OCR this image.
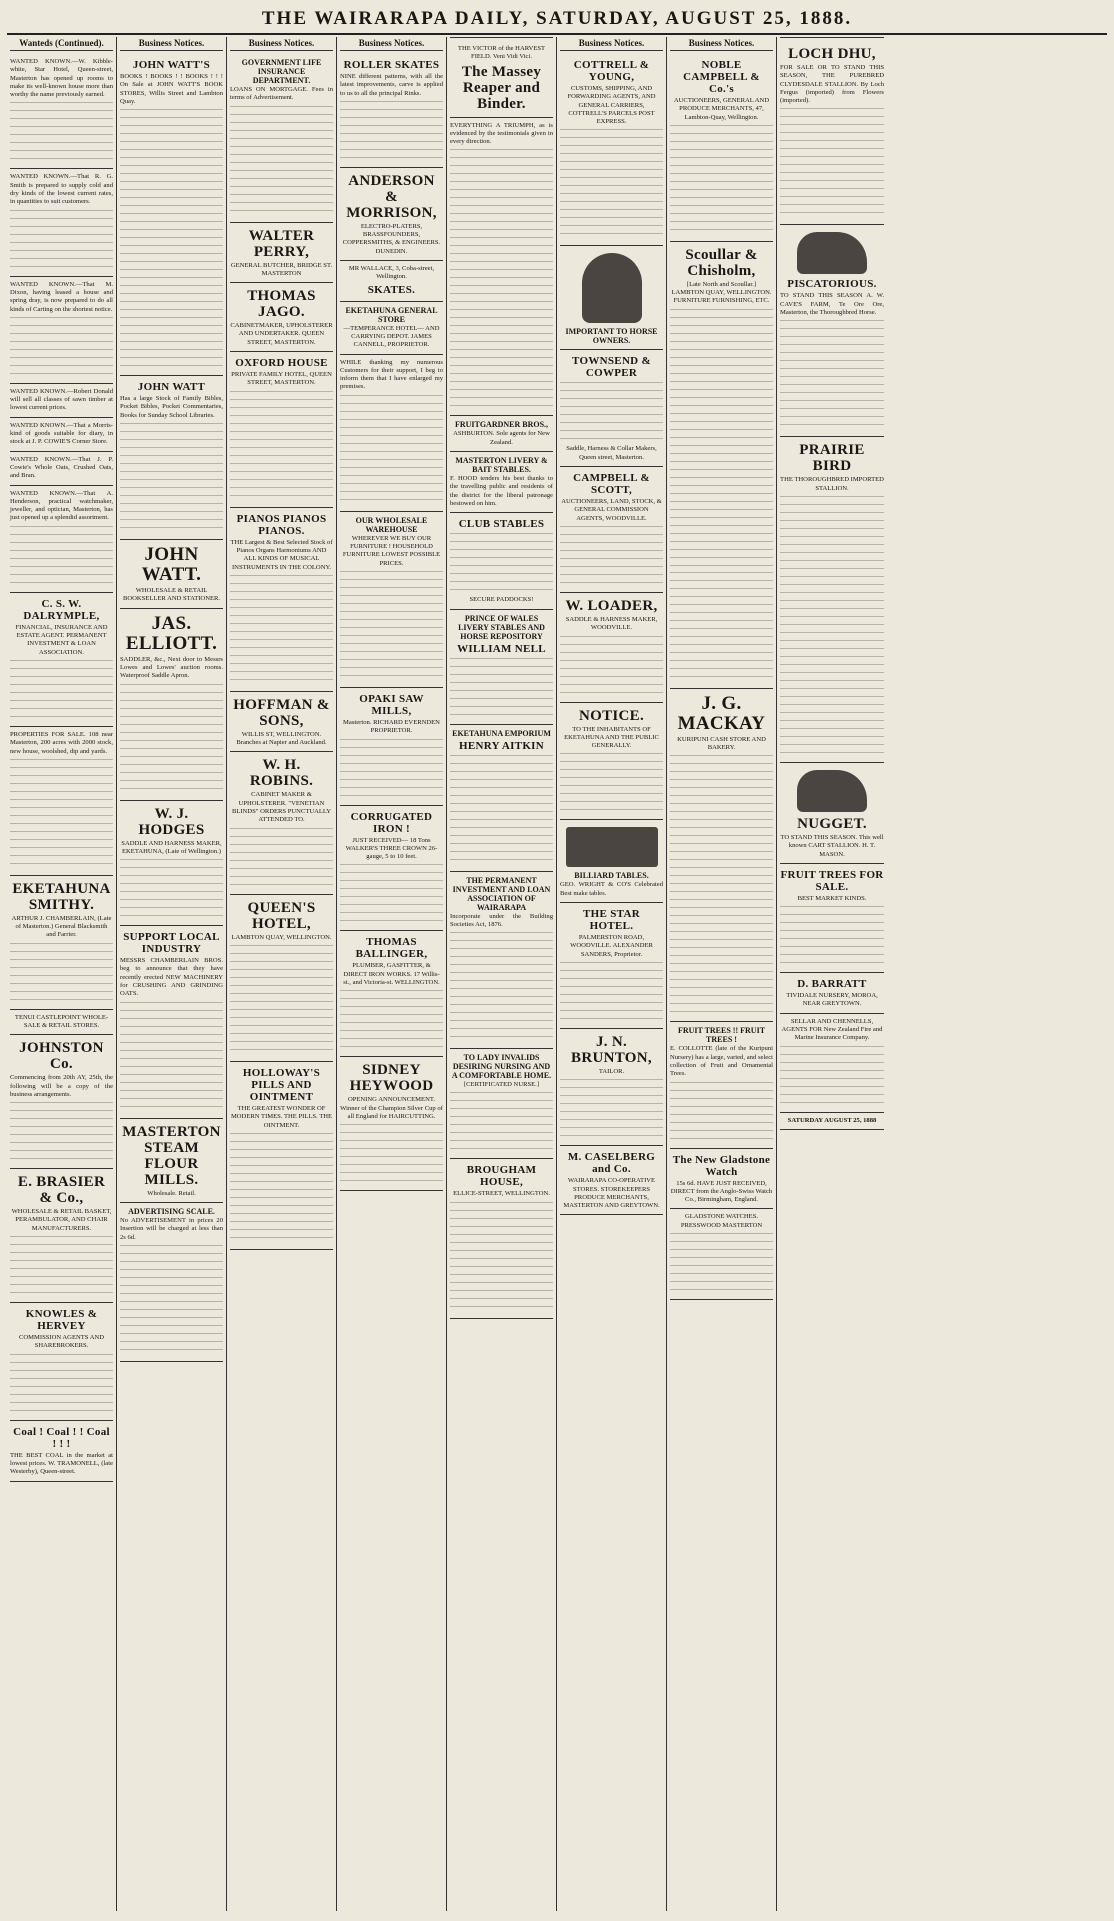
THE WAIRARAPA DAILY, SATURDAY, AUGUST 25, 1888.
Wanteds (Continued).

WANTED KNOWN.—W. Kibble-white, Star Hotel, Queen-street, Masterton has opened up rooms to make its well-known house more than worthy the name previously earned.

WANTED KNOWN.—That R. G. Smith is prepared to supply cold and dry kinds of the lowest current rates, in quantities to suit customers.

WANTED KNOWN.—That M. Dixon, having leased a house and spring dray, is now prepared to do all kinds of Carting on the shortest notice.

WANTED KNOWN.—Robert Donald will sell all classes of sawn timber at lowest current prices.

WANTED KNOWN.—That a Morris-kind of goods suitable for diary, in stock at J. P. COWIE'S Corner Store.

WANTED KNOWN.—That J. P. Cowie's Whole Oats, Crushed Oats, and Bran.

WANTED KNOWN.—That A. Henderson, practical watchmaker, jeweller, and optician, Masterton, has just opened up a splendid assortment.

C. S. W. DALRYMPLE,

FINANCIAL, INSURANCE AND ESTATE AGENT. PERMANENT INVESTMENT & LOAN ASSOCIATION.

PROPERTIES FOR SALE. 108 near Masterton, 200 acres with 2000 stock, new house, woolshed, dip and yards.

EKETAHUNA SMITHY.

ARTHUR J. CHAMBERLAIN, (Late of Masterton.) General Blacksmith and Farrier.

TENUI CASTLEPOINT WHOLE-SALE & RETAIL STORES.

JOHNSTON Co.

Commencing from 20th AY, 25th, the following will be a copy of the business arrangements.

E. BRASIER & Co.,

WHOLESALE & RETAIL BASKET, PERAMBULATOR, AND CHAIR MANUFACTURERS.

KNOWLES & HERVEY

COMMISSION AGENTS AND SHAREBROKERS.

Coal ! Coal ! ! Coal ! ! !

THE BEST COAL in the market at lowest prices. W. TRAMONELL, (late Westerby), Queen-street.

Business Notices.
JOHN WATT'S

BOOKS ! BOOKS ! ! BOOKS ! ! ! On Sale at JOHN WATT'S BOOK STORES, Willis Street and Lambton Quay.

JOHN WATT

Has a large Stock of Family Bibles, Pocket Bibles, Pocket Commentaries, Books for Sunday School Libraries.

JOHN WATT.

WHOLESALE & RETAIL BOOKSELLER AND STATIONER.

JAS. ELLIOTT.

SADDLER, &c., Next door to Messrs Lowes and Lowes' auction rooms. Waterproof Saddle Apron.

W. J. HODGES

SADDLE AND HARNESS MAKER, EKETAHUNA, (Late of Wellington.)

SUPPORT LOCAL INDUSTRY

MESSRS CHAMBERLAIN BROS. beg to announce that they have recently erected NEW MACHINERY for CRUSHING AND GRINDING OATS.

MASTERTON STEAM FLOUR MILLS.

Wholesale. Retail.

ADVERTISING SCALE.

No ADVERTISEMENT in prices 20 Insertion will be charged at less than 2s 6d.

Business Notices.
GOVERNMENT LIFE INSURANCE DEPARTMENT.

LOANS ON MORTGAGE. Fees in terms of Advertisement.

WALTER PERRY,

GENERAL BUTCHER, BRIDGE ST. MASTERTON

THOMAS JAGO.

CABINETMAKER, UPHOLSTERER AND UNDERTAKER. QUEEN STREET, MASTERTON.

OXFORD HOUSE

PRIVATE FAMILY HOTEL, QUEEN STREET, MASTERTON.

PIANOS PIANOS PIANOS.

THE Largest & Best Selected Stock of Pianos Organs Harmoniums AND ALL KINDS OF MUSICAL INSTRUMENTS IN THE COLONY.

HOFFMAN & SONS,

WILLIS ST, WELLINGTON. Branches at Napier and Auckland.

W. H. ROBINS.

CABINET MAKER & UPHOLSTERER. "VENETIAN BLINDS" ORDERS PUNCTUALLY ATTENDED TO.

QUEEN'S HOTEL,

LAMBTON QUAY, WELLINGTON.

HOLLOWAY'S PILLS AND OINTMENT

THE GREATEST WONDER OF MODERN TIMES. THE PILLS. THE OINTMENT.

Business Notices.
ROLLER SKATES

NINE different patterns, with all the latest improvements, carve is applied to us to all the principal Rinks.

ANDERSON & MORRISON,

ELECTRO-PLATERS, BRASSFOUNDERS, COPPERSMITHS, & ENGINEERS. DUNEDIN.

MR WALLACE, 3, Coba-street, Wellington.

SKATES.
EKETAHUNA GENERAL STORE

—TEMPERANCE HOTEL— AND CARRYING DEPOT. JAMES CANNELL, PROPRIETOR.

WHILE thanking my numerous Customers for their support, I beg to inform them that I have enlarged my premises.

OUR WHOLESALE WAREHOUSE

WHEREVER WE BUY OUR FURNITURE ! HOUSEHOLD FURNITURE LOWEST POSSIBLE PRICES.

OPAKI SAW MILLS,

Masterton. RICHARD EVERNDEN PROPRIETOR.

CORRUGATED IRON !

JUST RECEIVED— 18 Tons WALKER'S THREE CROWN 26-gauge, 5 to 10 feet.

THOMAS BALLINGER,

PLUMBER, GASFITTER, & DIRECT IRON WORKS. 17 Willis-st., and Victoria-st. WELLINGTON.

SIDNEY HEYWOOD

OPENING ANNOUNCEMENT. Winner of the Champion Silver Cup of all England for HAIRCUTTING.

THE VICTOR of the HARVEST FIELD. Veni Vidi Vici.

The Massey Reaper and Binder.

EVERYTHING A TRIUMPH, as is evidenced by the testimonials given in every direction.

FRUITGARDNER BROS.,

ASHBURTON. Sole agents for New Zealand.

MASTERTON LIVERY & BAIT STABLES.

F. HOOD tenders his best thanks to the travelling public and residents of the district for the liberal patronage bestowed on him.

CLUB STABLES

SECURE PADDOCKS!

PRINCE OF WALES LIVERY STABLES AND HORSE REPOSITORY
WILLIAM NELL
EKETAHUNA EMPORIUM
HENRY AITKIN
THE PERMANENT INVESTMENT AND LOAN ASSOCIATION OF WAIRARAPA

Incorporate under the Building Societies Act, 1876.

TO LADY INVALIDS DESIRING NURSING AND A COMFORTABLE HOME.

[CERTIFICATED NURSE.]

BROUGHAM HOUSE,

ELLICE-STREET, WELLINGTON.

Business Notices.
COTTRELL & YOUNG,

CUSTOMS, SHIPPING, AND FORWARDING AGENTS, AND GENERAL CARRIERS, COTTRELL'S PARCELS POST EXPRESS.

IMPORTANT TO HORSE OWNERS.
TOWNSEND & COWPER

Saddle, Harness & Collar Makers, Queen street, Masterton.

CAMPBELL & SCOTT,

AUCTIONEERS, LAND, STOCK, & GENERAL COMMISSION AGENTS, WOODVILLE.

W. LOADER,

SADDLE & HARNESS MAKER, WOODVILLE.

NOTICE.

TO THE INHABITANTS OF EKETAHUNA AND THE PUBLIC GENERALLY.

BILLIARD TABLES.

GEO. WRIGHT & CO'S Celebrated Best make tables.

THE STAR HOTEL.

PALMERSTON ROAD, WOODVILLE. ALEXANDER SANDERS, Proprietor.

J. N. BRUNTON,

TAILOR.

M. CASELBERG and Co.

WAIRARAPA CO-OPERATIVE STORES. STOREKEEPERS PRODUCE MERCHANTS, MASTERTON AND GREYTOWN.

Business Notices.
NOBLE CAMPBELL & Co.'s

AUCTIONEERS, GENERAL AND PRODUCE MERCHANTS, 47, Lambton-Quay, Wellington.

Scoullar & Chisholm,

[Late North and Scoullar.] LAMBTON QUAY, WELLINGTON. FURNITURE FURNISHING, ETC.

J. G. MACKAY

KURIPUNI CASH STORE AND BAKERY.

FRUIT TREES !! FRUIT TREES !

E. COLLOTTE (late of the Kuripuni Nursery) has a large, varied, and select collection of Fruit and Ornamental Trees.

The New Gladstone Watch

15s 6d. HAVE JUST RECEIVED, DIRECT from the Anglo-Swiss Watch Co., Birmingham, England.

GLADSTONE WATCHES. PRESSWOOD MASTERTON

LOCH DHU,

FOR SALE OR TO STAND THIS SEASON, THE PUREBRED CLYDESDALE STALLION. By Loch Fergus (imported) from Flowers (imported).

PISCATORIOUS.

TO STAND THIS SEASON A. W. CAVE'S FARM, Te Ore Ore, Masterton, the Thoroughbred Horse.

PRAIRIE BIRD

THE THOROUGHBRED IMPORTED STALLION.

NUGGET.

TO STAND THIS SEASON. This well known CART STALLION. H. T. MASON.

FRUIT TREES FOR SALE.

BEST MARKET KINDS.

D. BARRATT

TIVIDALE NURSERY, MOROA, NEAR GREYTOWN.

SELLAR AND CHENNELLS, AGENTS FOR New Zealand Fire and Marine Insurance Company.

SATURDAY AUGUST 25, 1888
